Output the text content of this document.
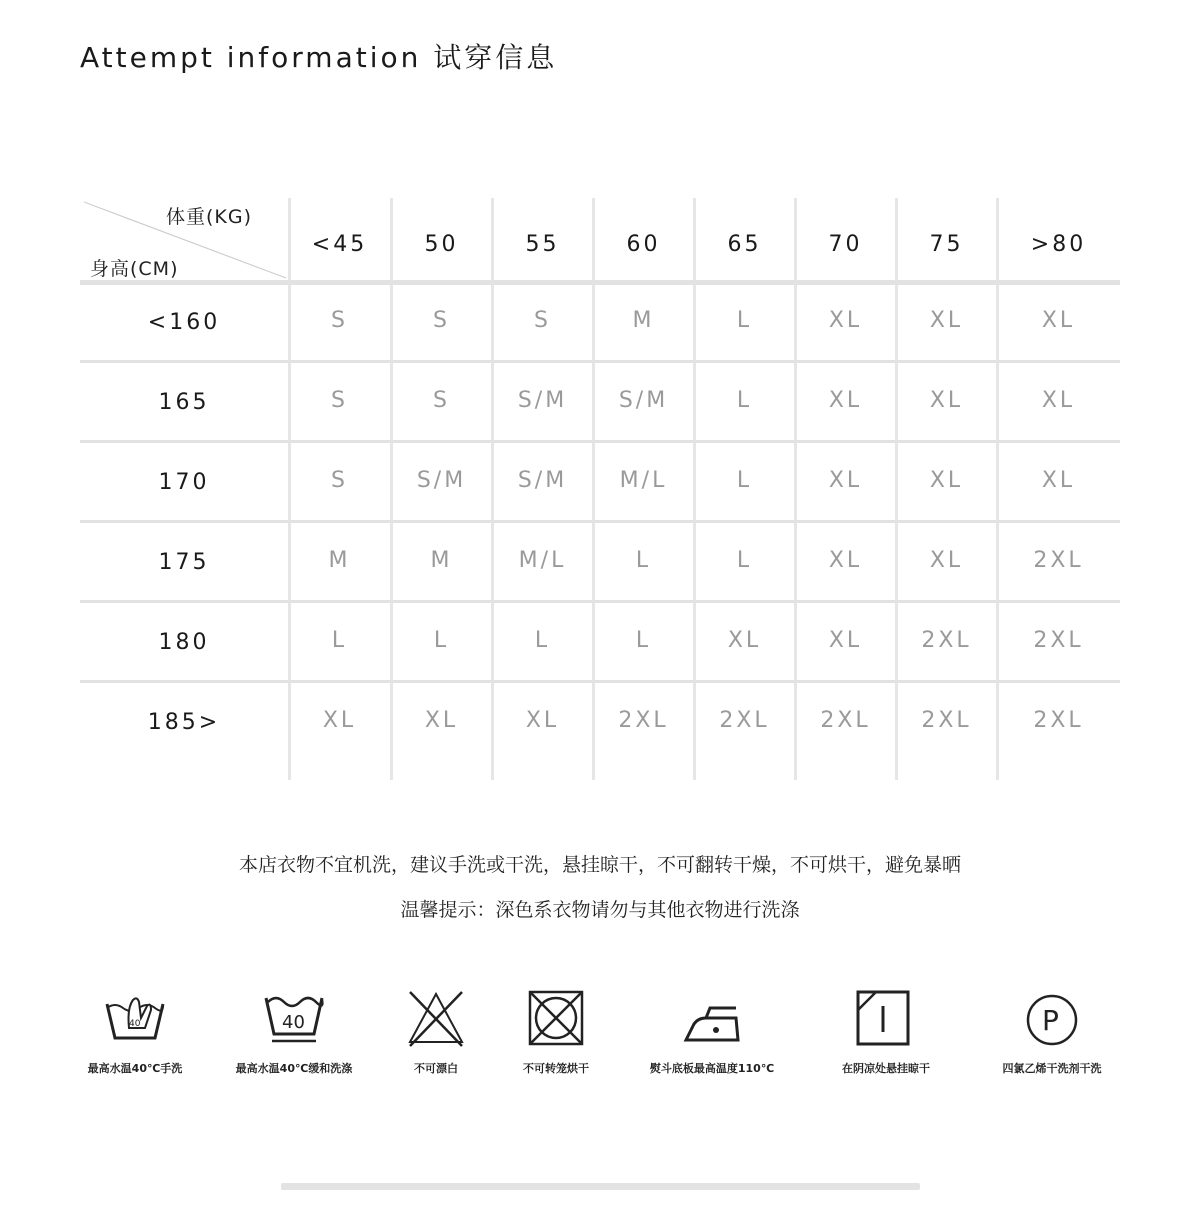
Attempt information 试穿信息
体重(KG)
身高(CM)
<45	50	55	60	65	70	75	>80
<160	S	S	S	M	L	XL	XL	XL
165	S	S	S/M	S/M	L	XL	XL	XL
170	S	S/M	S/M	M/L	L	XL	XL	XL
175	M	M	M/L	L	L	XL	XL	2XL
180	L	L	L	L	XL	XL	2XL	2XL
185>	XL	XL	XL	2XL	2XL	2XL	2XL	2XL
本店衣物不宜机洗，建议手洗或干洗，悬挂晾干，不可翻转干燥，不可烘干，避免暴晒
温馨提示：深色系衣物请勿与其他衣物进行洗涤
40
最高水温40℃手洗
40
最高水温40℃缓和洗涤	不可漂白	不可转笼烘干	熨斗底板最高温度110℃	在阴凉处悬挂晾干
P
四氯乙烯干洗剂干洗
